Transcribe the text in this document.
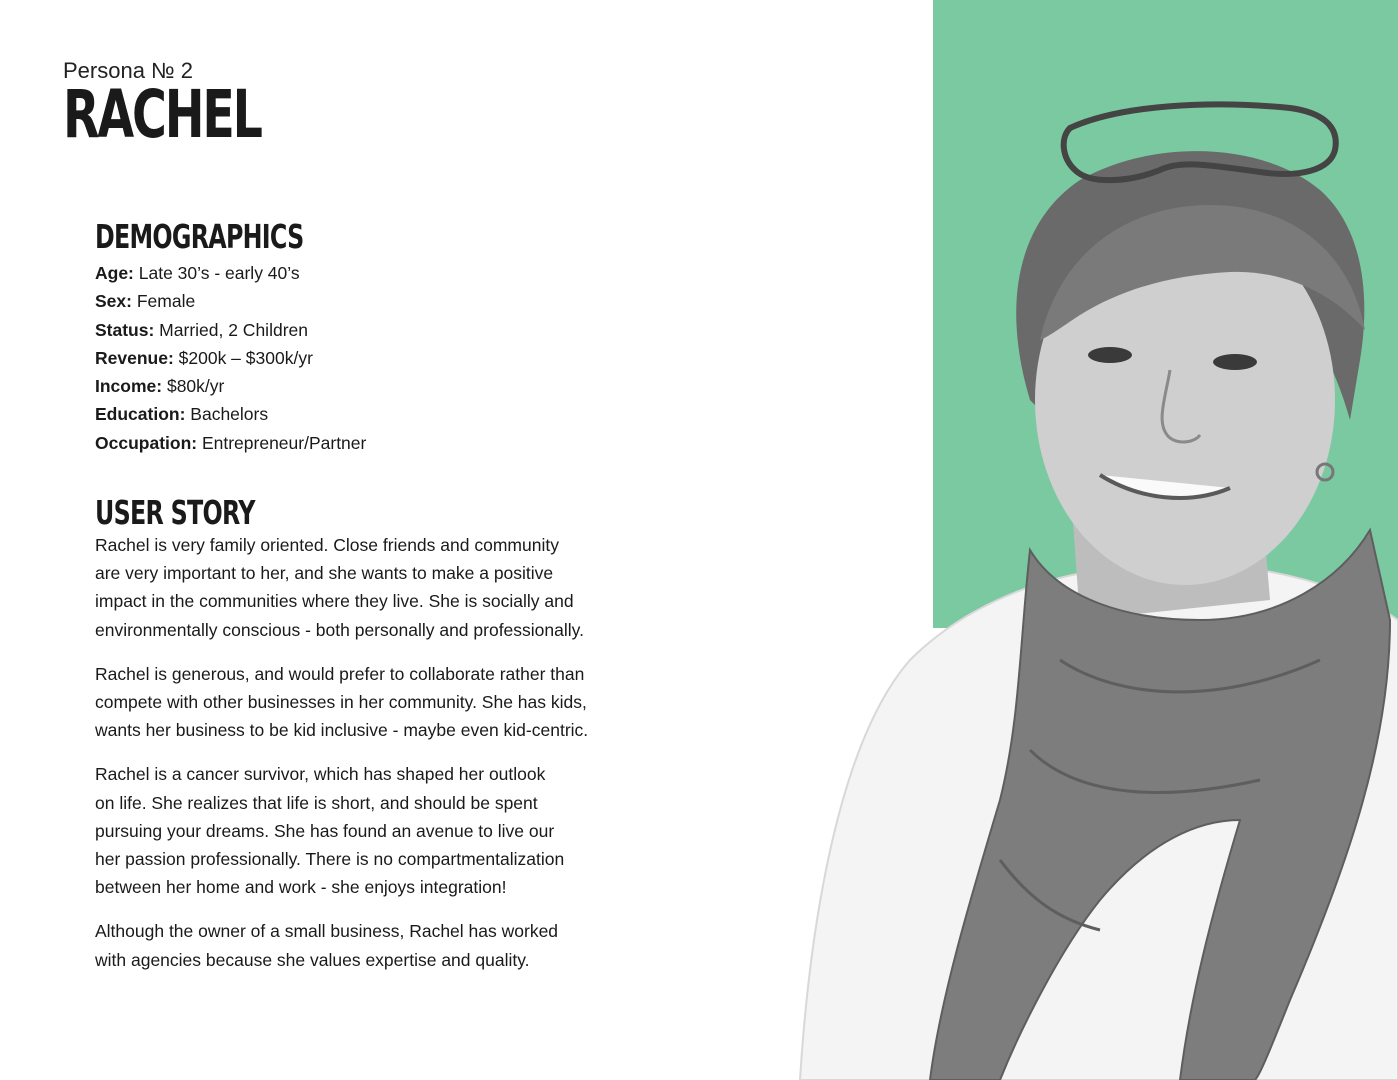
Persona № 2
RACHEL
DEMOGRAPHICS
Age: Late 30’s - early 40’s
Sex: Female
Status: Married, 2 Children
Revenue: $200k – $300k/yr
Income: $80k/yr
Education: Bachelors
Occupation: Entrepreneur/Partner
USER STORY

Rachel is very family oriented. Close friends and community
are very important to her, and she wants to make a positive
impact in the communities where they live. She is socially and
environmentally conscious - both personally and professionally.

Rachel is generous, and would prefer to collaborate rather than
compete with other businesses in her community. She has kids,
wants her business to be kid inclusive - maybe even kid-centric.

Rachel is a cancer survivor, which has shaped her outlook
on life. She realizes that life is short, and should be spent
pursuing your dreams. She has found an avenue to live our
her passion professionally. There is no compartmentalization
between her home and work - she enjoys integration!

Although the owner of a small business, Rachel has worked
with agencies because she values expertise and quality.
